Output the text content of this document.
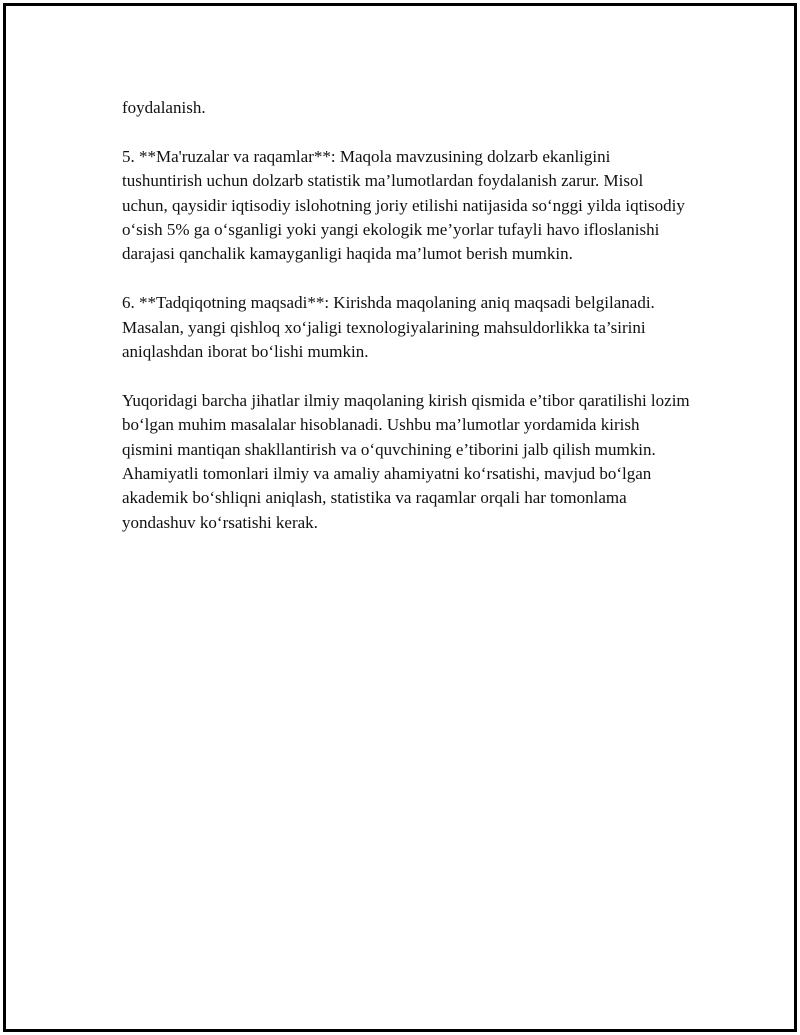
foydalanish.

5. **Ma'ruzalar va raqamlar**: Maqola mavzusining dolzarb ekanligini tushuntirish uchun dolzarb statistik ma’lumotlardan foydalanish zarur. Misol uchun, qaysidir iqtisodiy islohotning joriy etilishi natijasida so‘nggi yilda iqtisodiy o‘sish 5% ga o‘sganligi yoki yangi ekologik me’yorlar tufayli havo ifloslanishi darajasi qanchalik kamayganligi haqida ma’lumot berish mumkin.

6. **Tadqiqotning maqsadi**: Kirishda maqolaning aniq maqsadi belgilanadi. Masalan, yangi qishloq xo‘jaligi texnologiyalarining mahsuldorlikka ta’sirini aniqlashdan iborat bo‘lishi mumkin.

Yuqoridagi barcha jihatlar ilmiy maqolaning kirish qismida e’tibor qaratilishi lozim bo‘lgan muhim masalalar hisoblanadi. Ushbu ma’lumotlar yordamida kirish qismini mantiqan shakllantirish va o‘quvchining e’tiborini jalb qilish mumkin. Ahamiyatli tomonlari ilmiy va amaliy ahamiyatni ko‘rsatishi, mavjud bo‘lgan akademik bo‘shliqni aniqlash, statistika va raqamlar orqali har tomonlama yondashuv ko‘rsatishi kerak.
